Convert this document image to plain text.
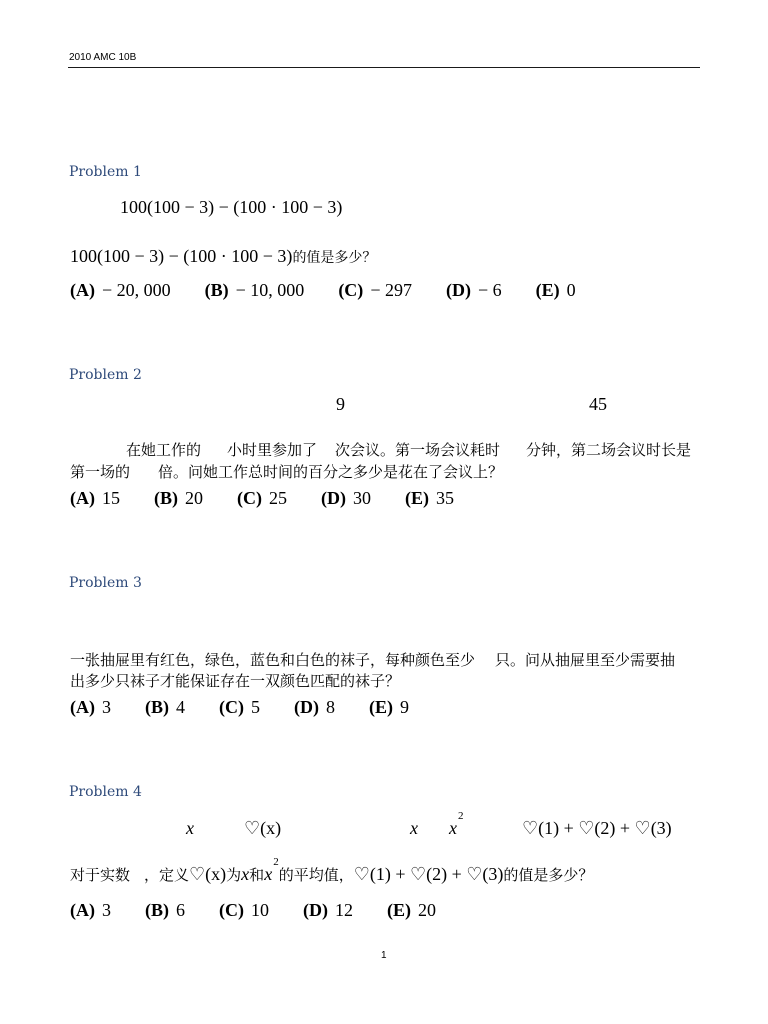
2010 AMC 10B
Problem 1
100(100 − 3) − (100 · 100 − 3)
100(100 − 3) − (100 · 100 − 3) 的值是多少？
(A) − 20, 000 (B) − 10, 000 (C) − 297 (D) − 6 (E) 0
Problem 2
9	45
在她工作的 小时里参加了 次会议。第一场会议耗时 分钟，第二场会议时长是
第一场的 倍。问她工作总时间的百分之多少是花在了会议上？
(A) 15 (B) 20 (C) 25 (D) 30 (E) 35
Problem 3
一张抽屉里有红色，绿色，蓝色和白色的袜子，每种颜色至少 只。问从抽屉里至少需要抽
出多少只袜子才能保证存在一双颜色匹配的袜子？
(A) 3 (B) 4 (C) 5 (D) 8 (E) 9
Problem 4
x	♡(x)	x x
2
♡(1) + ♡(2) + ♡(3)
对于实数 ，定义 ♡(x) 为 x 和 x
2
的平均值， ♡(1) + ♡(2) + ♡(3) 的值是多少？
(A) 3 (B) 6 (C) 10 (D) 12 (E) 20
1
